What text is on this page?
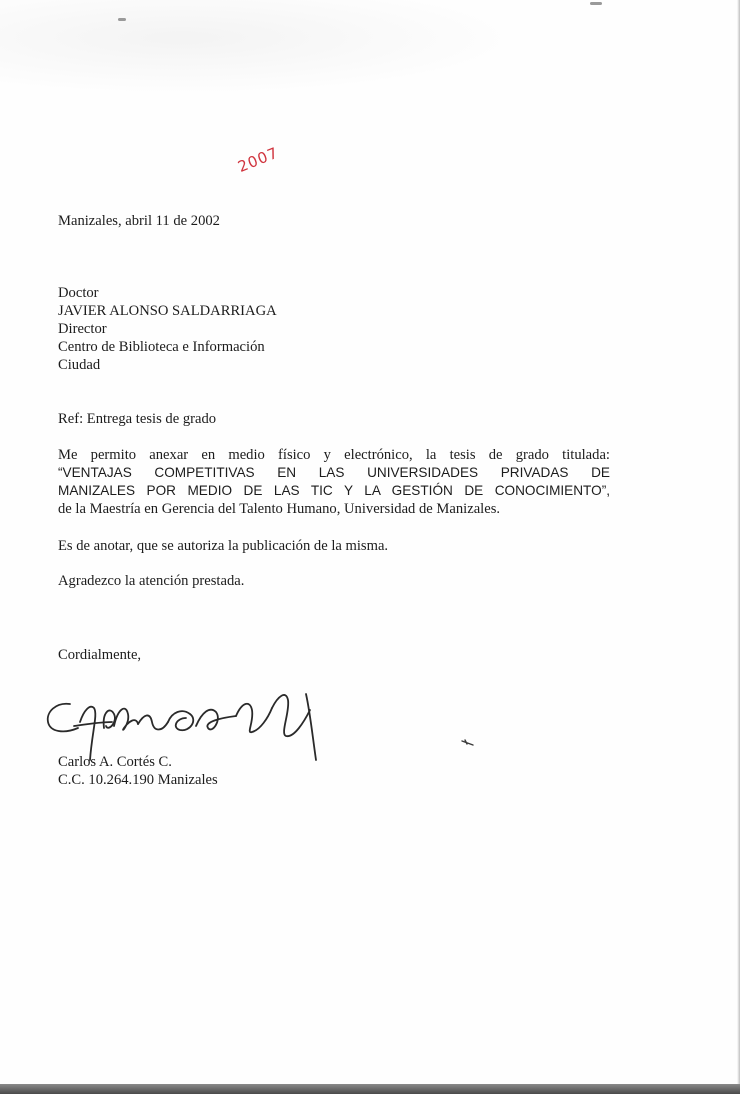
2007

Manizales, abril 11 de 2002

Doctor

JAVIER ALONSO SALDARRIAGA

Director

Centro de Biblioteca e Información

Ciudad

Ref: Entrega tesis de grado

Me permito anexar en medio físico y electrónico, la tesis de grado titulada:

“VENTAJAS COMPETITIVAS EN LAS UNIVERSIDADES PRIVADAS DE

MANIZALES POR MEDIO DE LAS TIC Y LA GESTIÓN DE CONOCIMIENTO”,

de la Maestría en Gerencia del Talento Humano, Universidad de Manizales.

Es de anotar, que se autoriza la publicación de la misma.

Agradezco la atención prestada.

Cordialmente,

Carlos A. Cortés C.

C.C. 10.264.190 Manizales
